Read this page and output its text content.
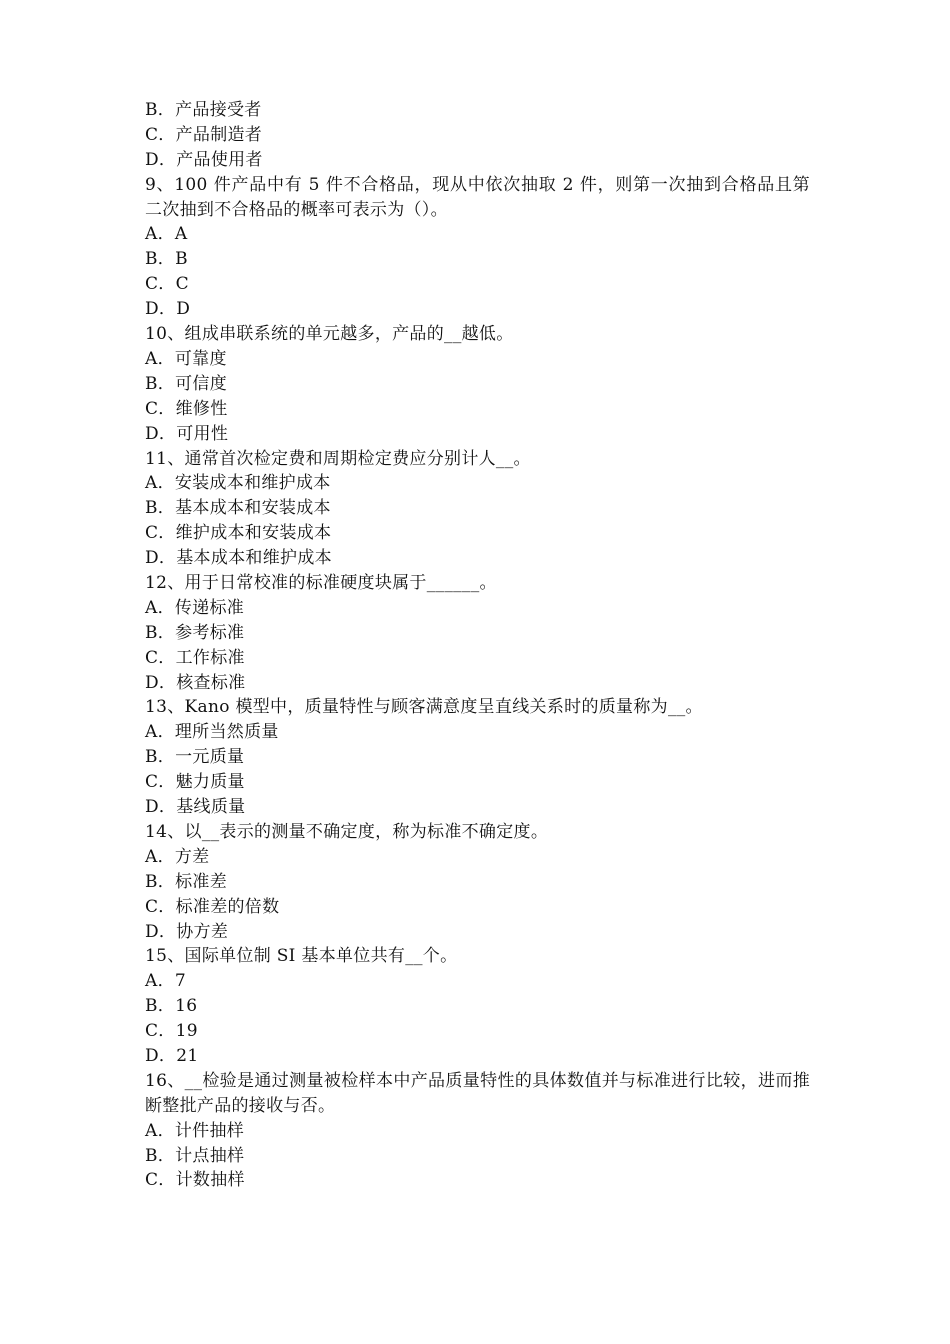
B．产品接受者
C．产品制造者
D．产品使用者
9、100 件产品中有 5 件不合格品，现从中依次抽取 2 件，则第一次抽到合格品且第二次抽到不合格品的概率可表示为（）。
A．A
B．B
C．C
D．D
10、组成串联系统的单元越多，产品的__越低。
A．可靠度
B．可信度
C．维修性
D．可用性
11、通常首次检定费和周期检定费应分别计人__。
A．安装成本和维护成本
B．基本成本和安装成本
C．维护成本和安装成本
D．基本成本和维护成本
12、用于日常校准的标准硬度块属于______。
A．传递标准
B．参考标准
C．工作标准
D．核查标准
13、Kano 模型中，质量特性与顾客满意度呈直线关系时的质量称为__。
A．理所当然质量
B．一元质量
C．魅力质量
D．基线质量
14、以__表示的测量不确定度，称为标准不确定度。
A．方差
B．标准差
C．标准差的倍数
D．协方差
15、国际单位制 SI 基本单位共有__个。
A．7
B．16
C．19
D．21
16、__检验是通过测量被检样本中产品质量特性的具体数值并与标准进行比较，进而推断整批产品的接收与否。
A．计件抽样
B．计点抽样
C．计数抽样
